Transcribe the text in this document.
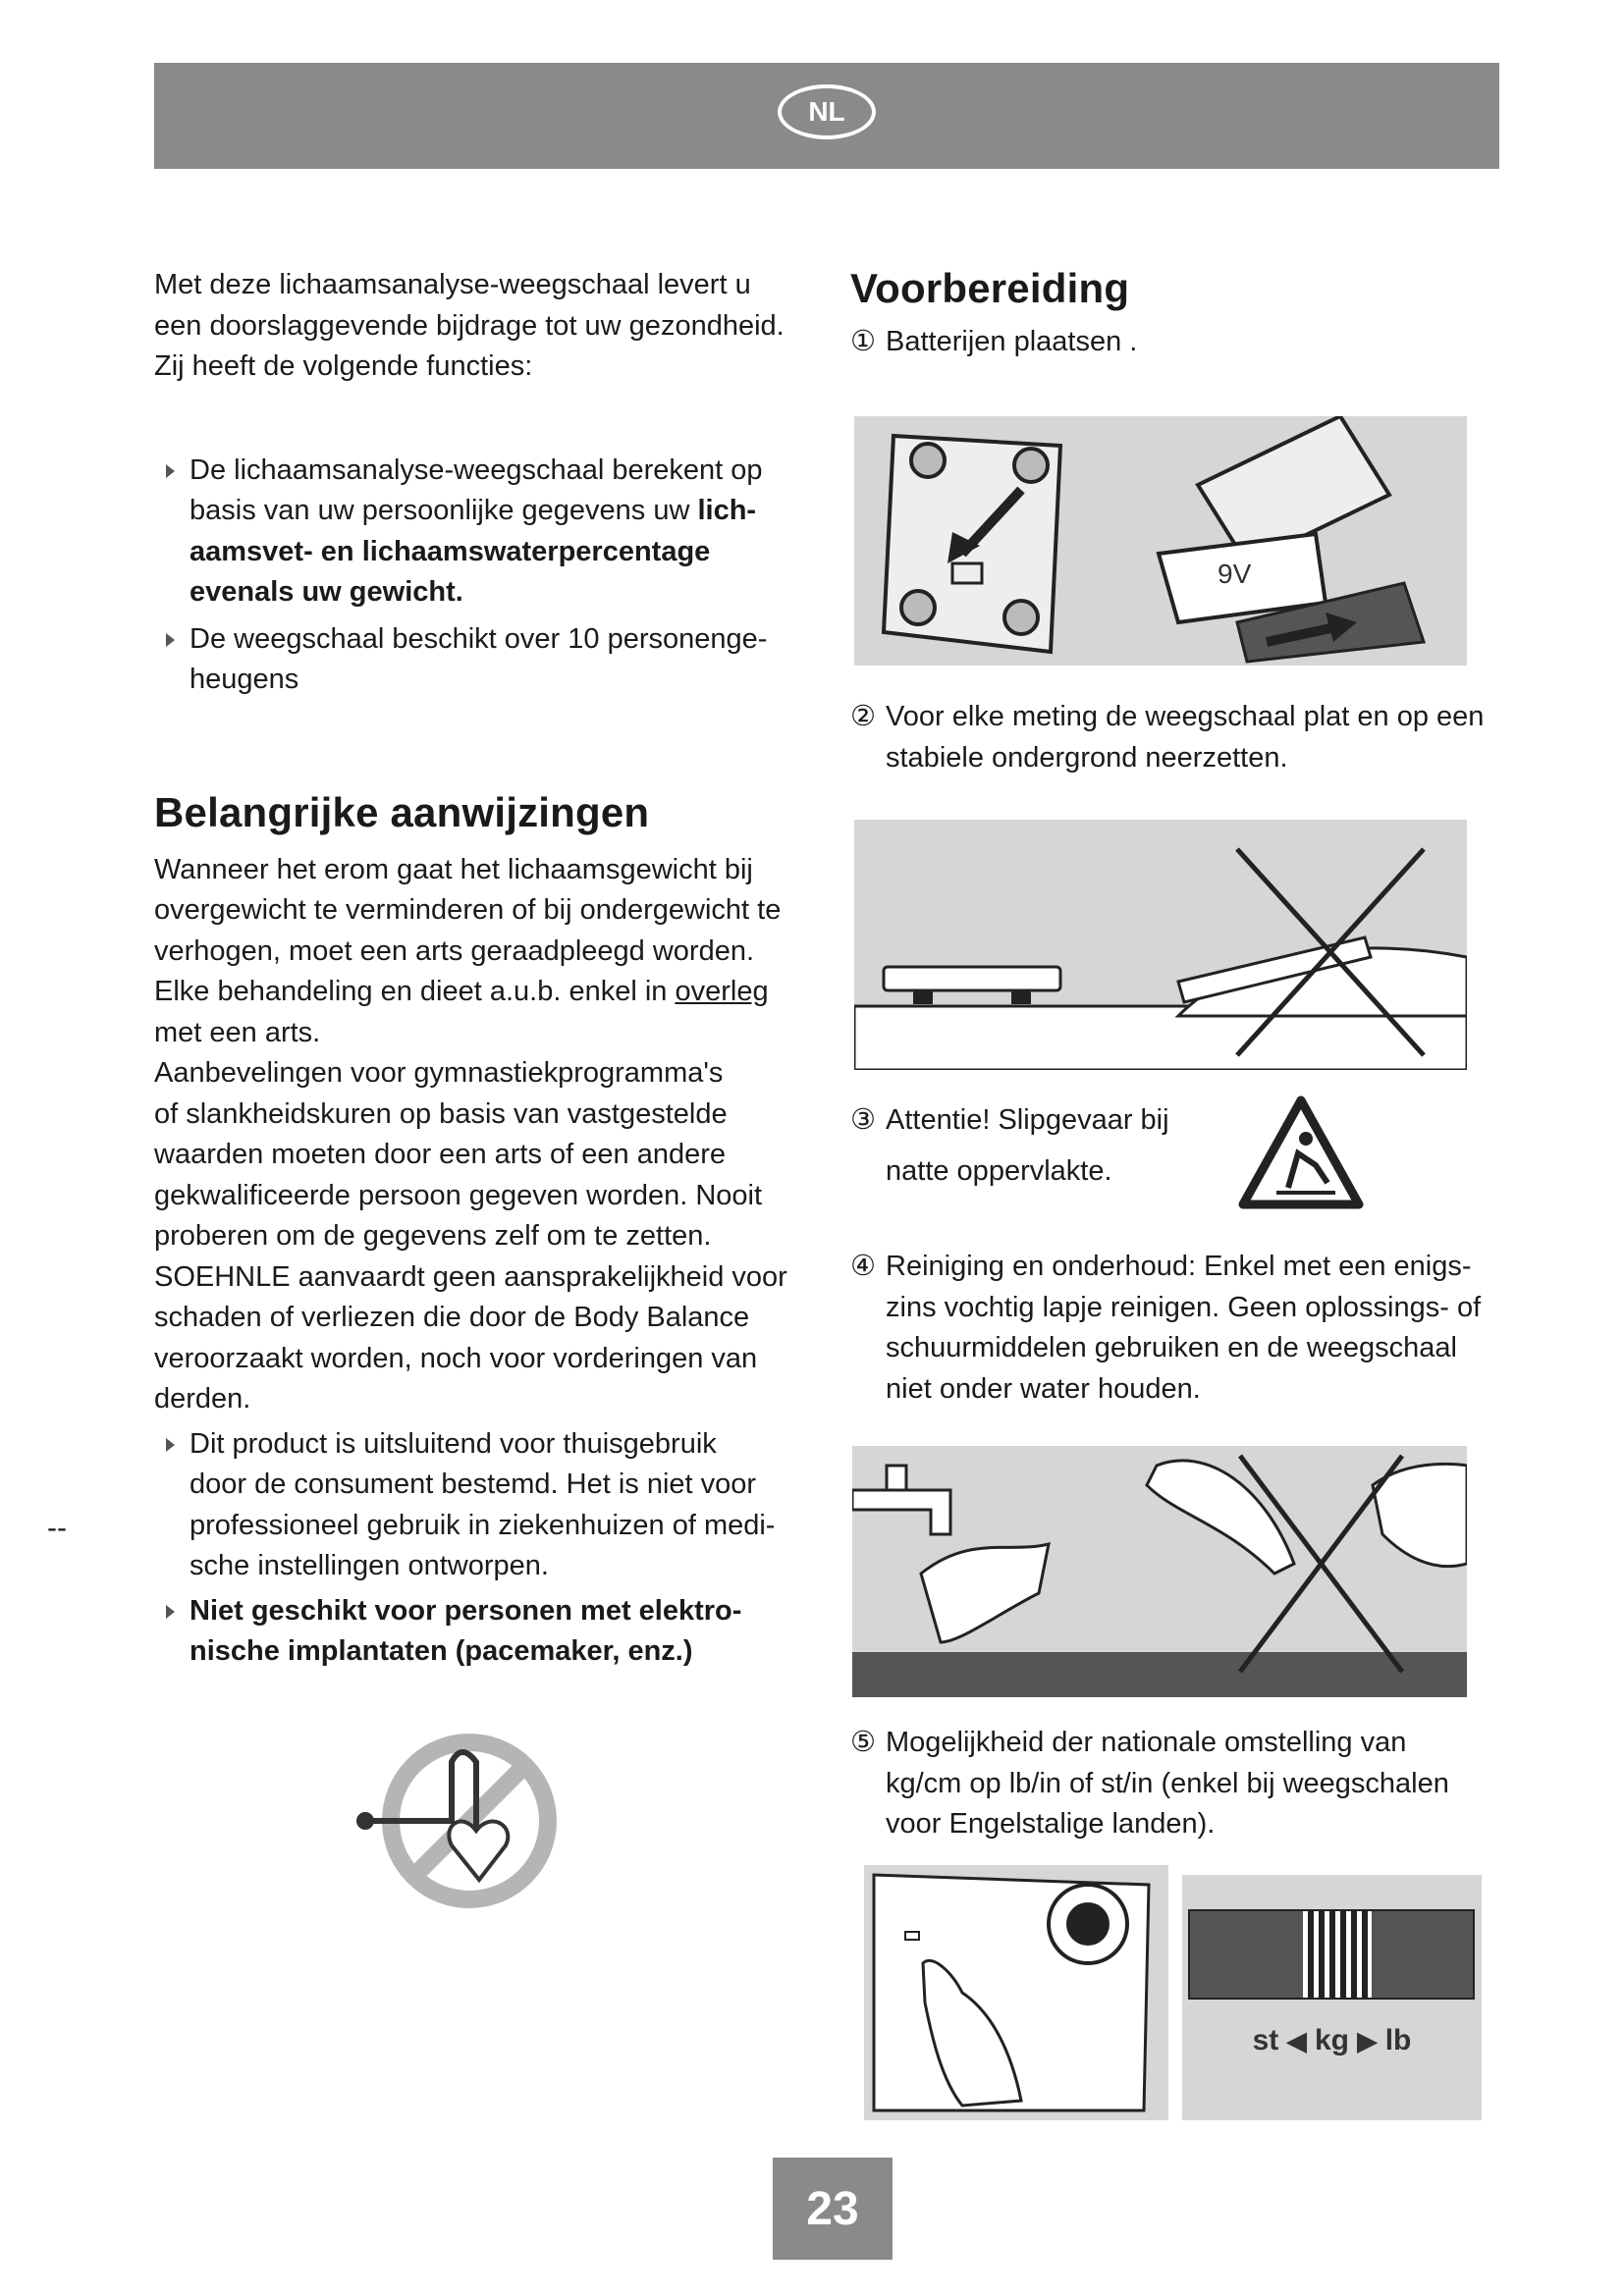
NL
--

Met deze lichaamsanalyse-weegschaal levert u
een doorslaggevende bijdrage tot uw gezondheid.
Zij heeft de volgende functies:

De lichaamsanalyse-weegschaal berekent op
basis van uw persoonlijke gegevens uw lich-
aamsvet- en lichaamswaterpercentage
evenals uw gewicht.
De weegschaal beschikt over 10 personenge-
heugens
Belangrijke aanwijzingen

Wanneer het erom gaat het lichaamsgewicht bij
overgewicht te verminderen of bij ondergewicht te
verhogen, moet een arts geraadpleegd worden.
Elke behandeling en dieet a.u.b. enkel in overleg
met een arts.
Aanbevelingen voor gymnastiekprogramma's
of slankheidskuren op basis van vastgestelde
waarden moeten door een arts of een andere
gekwalificeerde persoon gegeven worden. Nooit
proberen om de gegevens zelf om te zetten.
SOEHNLE aanvaardt geen aansprakelijkheid voor
schaden of verliezen die door de Body Balance
veroorzaakt worden, noch voor vorderingen van
derden.

Dit product is uitsluitend voor thuisgebruik
door de consument bestemd. Het is niet voor
professioneel gebruik in ziekenhuizen of medi-
sche instellingen ontworpen.
Niet geschikt voor personen met elektro-
nische implantaten (pacemaker, enz.)
Voorbereiding
① Batterijen plaatsen .
9V
② Voor elke meting de weegschaal plat en op een
stabiele ondergrond neerzetten.
③ Attentie! Slipgevaar bij
natte oppervlakte.
④ Reiniging en onderhoud: Enkel met een enigs-
zins vochtig lapje reinigen. Geen oplossings- of
schuurmiddelen gebruiken en de weegschaal
niet onder water houden.
⑤ Mogelijkheid der nationale omstelling van
kg/cm op lb/in of st/in (enkel bij weegschalen
voor Engelstalige landen).
st ◀ kg ▶ lb
23
